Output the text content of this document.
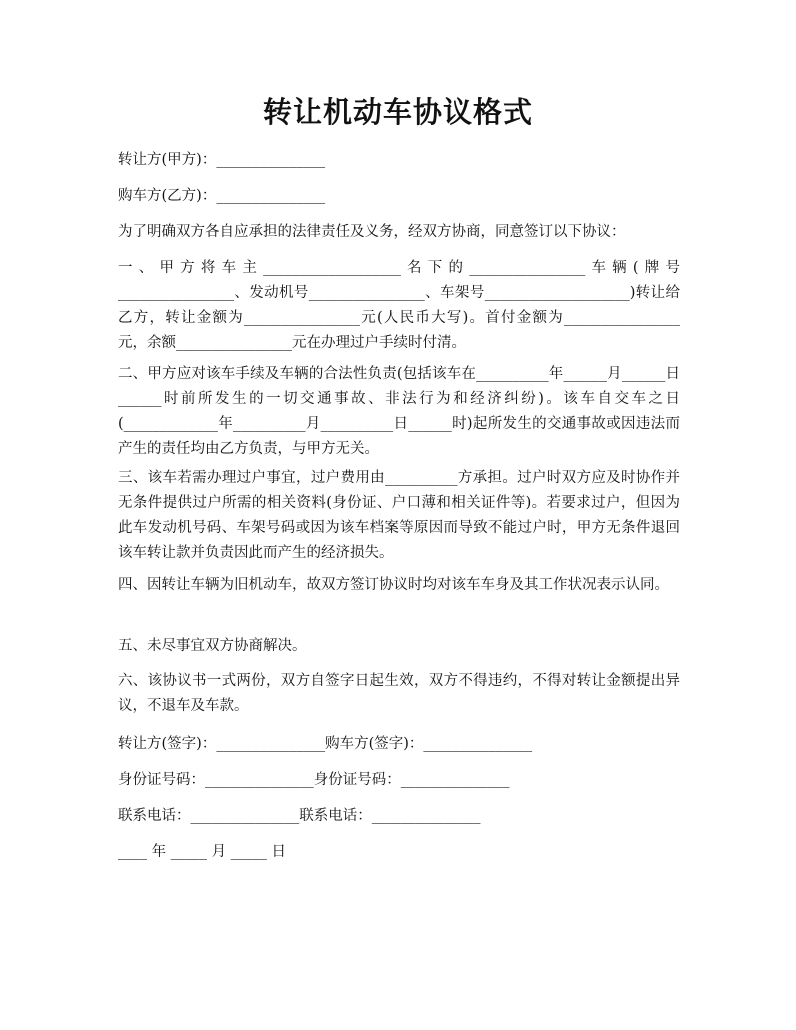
转让机动车协议格式
转让方(甲方)：_______________
购车方(乙方)：_______________
为了明确双方各自应承担的法律责任及义务，经双方协商，同意签订以下协议：
一、甲方将车主___________________名下的________________车辆(牌号________________、发动机号________________、车架号____________________)转让给乙方，转让金额为________________元(人民币大写)。首付金额为________________元，余额________________元在办理过户手续时付清。
二、甲方应对该车手续及车辆的合法性负责(包括该车在__________年______月______日______时前所发生的一切交通事故、非法行为和经济纠纷)。该车自交车之日(_____________年__________月__________日______时)起所发生的交通事故或因违法而产生的责任均由乙方负责，与甲方无关。
三、该车若需办理过户事宜，过户费用由__________方承担。过户时双方应及时协作并无条件提供过户所需的相关资料(身份证、户口薄和相关证件等)。若要求过户，但因为此车发动机号码、车架号码或因为该车档案等原因而导致不能过户时，甲方无条件退回该车转让款并负责因此而产生的经济损失。
四、因转让车辆为旧机动车，故双方签订协议时均对该车车身及其工作状况表示认同。
五、未尽事宜双方协商解决。
六、该协议书一式两份，双方自签字日起生效，双方不得违约，不得对转让金额提出异议，不退车及车款。
转让方(签字)：_______________购车方(签字)：_______________
身份证号码：_______________身份证号码：_______________
联系电话：_______________联系电话：_______________
____ 年 _____ 月 _____ 日
